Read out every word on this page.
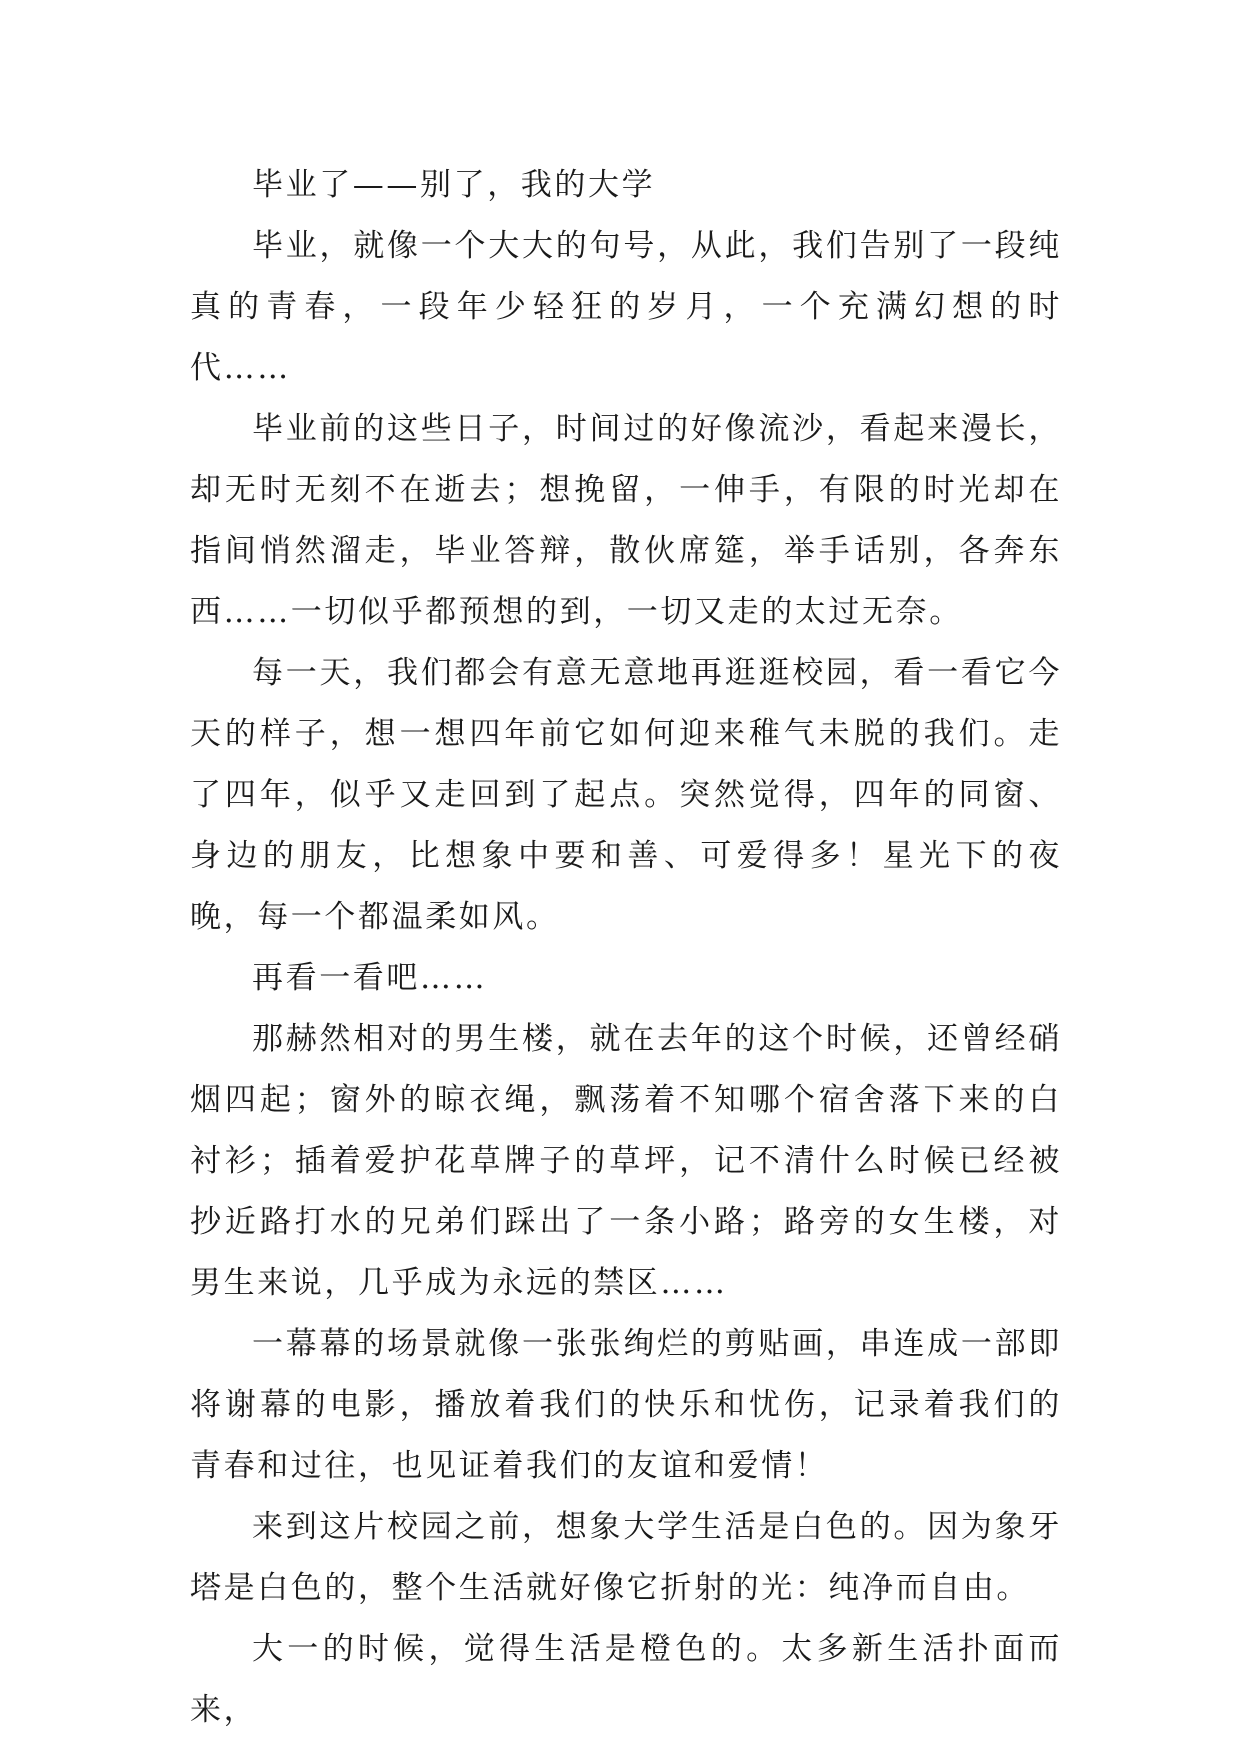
毕业了——别了，我的大学

毕业，就像一个大大的句号，从此，我们告别了一段纯真的青春，一段年少轻狂的岁月，一个充满幻想的时代……

毕业前的这些日子，时间过的好像流沙，看起来漫长，却无时无刻不在逝去；想挽留，一伸手，有限的时光却在指间悄然溜走，毕业答辩，散伙席筵，举手话别，各奔东西……一切似乎都预想的到，一切又走的太过无奈。

每一天，我们都会有意无意地再逛逛校园，看一看它今天的样子，想一想四年前它如何迎来稚气未脱的我们。走了四年，似乎又走回到了起点。突然觉得，四年的同窗、身边的朋友，比想象中要和善、可爱得多！星光下的夜晚，每一个都温柔如风。

再看一看吧……

那赫然相对的男生楼，就在去年的这个时候，还曾经硝烟四起；窗外的晾衣绳，飘荡着不知哪个宿舍落下来的白衬衫；插着爱护花草牌子的草坪，记不清什么时候已经被抄近路打水的兄弟们踩出了一条小路；路旁的女生楼，对男生来说，几乎成为永远的禁区……

一幕幕的场景就像一张张绚烂的剪贴画，串连成一部即将谢幕的电影，播放着我们的快乐和忧伤，记录着我们的青春和过往，也见证着我们的友谊和爱情！

来到这片校园之前，想象大学生活是白色的。因为象牙塔是白色的，整个生活就好像它折射的光：纯净而自由。

大一的时候，觉得生活是橙色的。太多新生活扑面而来，
